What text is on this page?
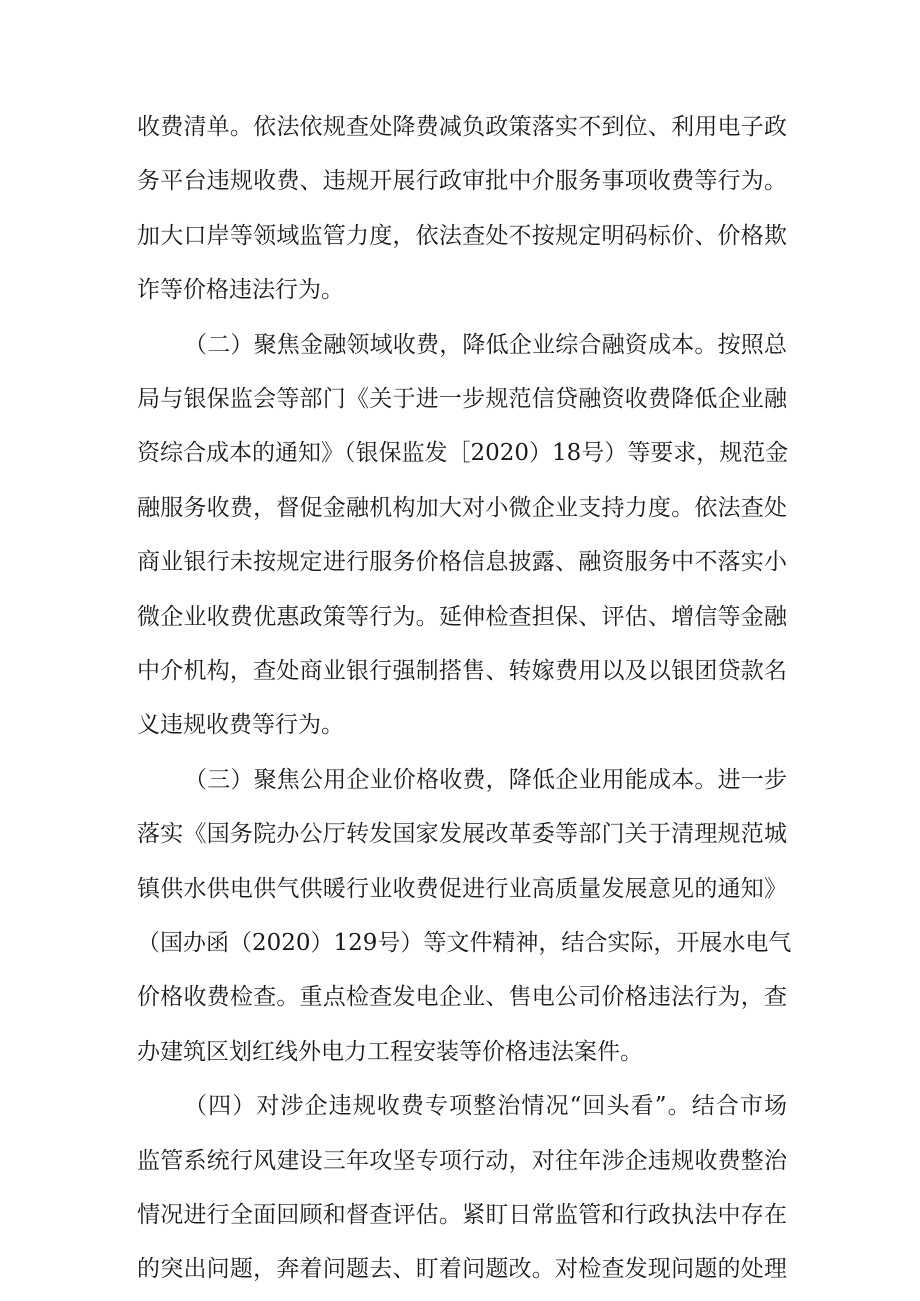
收费清单。依法依规查处降费减负政策落实不到位、利用电子政
务平台违规收费、违规开展行政审批中介服务事项收费等行为。
加大口岸等领域监管力度，依法查处不按规定明码标价、价格欺
诈等价格违法行为。
（二）聚焦金融领域收费，降低企业综合融资成本。按照总
局与银保监会等部门《关于进一步规范信贷融资收费降低企业融
资综合成本的通知》（银保监发［2020）18号）等要求，规范金
融服务收费，督促金融机构加大对小微企业支持力度。依法查处
商业银行未按规定进行服务价格信息披露、融资服务中不落实小
微企业收费优惠政策等行为。延伸检查担保、评估、增信等金融
中介机构，查处商业银行强制搭售、转嫁费用以及以银团贷款名
义违规收费等行为。
（三）聚焦公用企业价格收费，降低企业用能成本。进一步
落实《国务院办公厅转发国家发展改革委等部门关于清理规范城
镇供水供电供气供暖行业收费促进行业高质量发展意见的通知》
（国办函（2020）129号）等文件精神，结合实际，开展水电气
价格收费检查。重点检查发电企业、售电公司价格违法行为，查
办建筑区划红线外电力工程安装等价格违法案件。
（四）对涉企违规收费专项整治情况“回头看”。结合市场
监管系统行风建设三年攻坚专项行动，对往年涉企违规收费整治
情况进行全面回顾和督查评估。紧盯日常监管和行政执法中存在
的突出问题，奔着问题去、盯着问题改。对检查发现问题的处理
